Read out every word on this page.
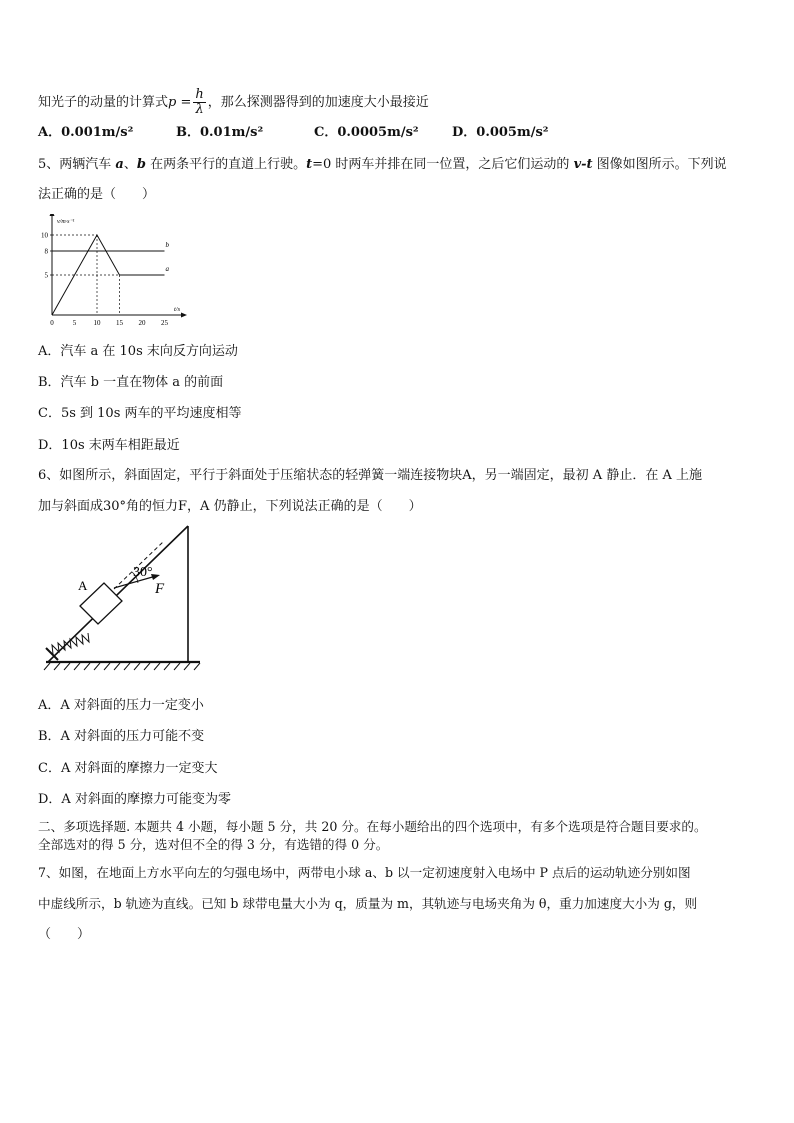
知光子的动量的计算式$p = \frac{h}{\lambda}$ ，那么探测器得到的加速度大小最接近
A．0.001m/s²	B．0.01m/s²	C．0.0005m/s²	D．0.005m/s²
5、两辆汽车 a、b 在两条平行的直道上行驶。t=0 时两车并排在同一位置，之后它们运动的 v-t 图像如图所示。下列说
法正确的是（　　）
v/m·s⁻¹
t/s
0	5 10 15 20 25
5
8
10
a
b
A．汽车 a 在 10s 末向反方向运动
B．汽车 b 一直在物体 a 的前面
C．5s 到 10s 两车的平均速度相等
D．10s 末两车相距最近
6、如图所示，斜面固定，平行于斜面处于压缩状态的轻弹簧一端连接物块A，另一端固定，最初 A 静止．在 A 上施
加与斜面成30°角的恒力F，A 仍静止，下列说法正确的是（　　）
A
30°
F
A．A 对斜面的压力一定变小
B．A 对斜面的压力可能不变
C．A 对斜面的摩擦力一定变大
D．A 对斜面的摩擦力可能变为零
二、多项选择题. 本题共 4 小题，每小题 5 分，共 20 分。在每小题给出的四个选项中，有多个选项是符合题目要求的。
全部选对的得 5 分，选对但不全的得 3 分，有选错的得 0 分。
7、如图，在地面上方水平向左的匀强电场中，两带电小球 a、b 以一定初速度射入电场中 P 点后的运动轨迹分别如图
中虚线所示，b 轨迹为直线。已知 b 球带电量大小为 q，质量为 m，其轨迹与电场夹角为 θ，重力加速度大小为 g，则
（　　）
